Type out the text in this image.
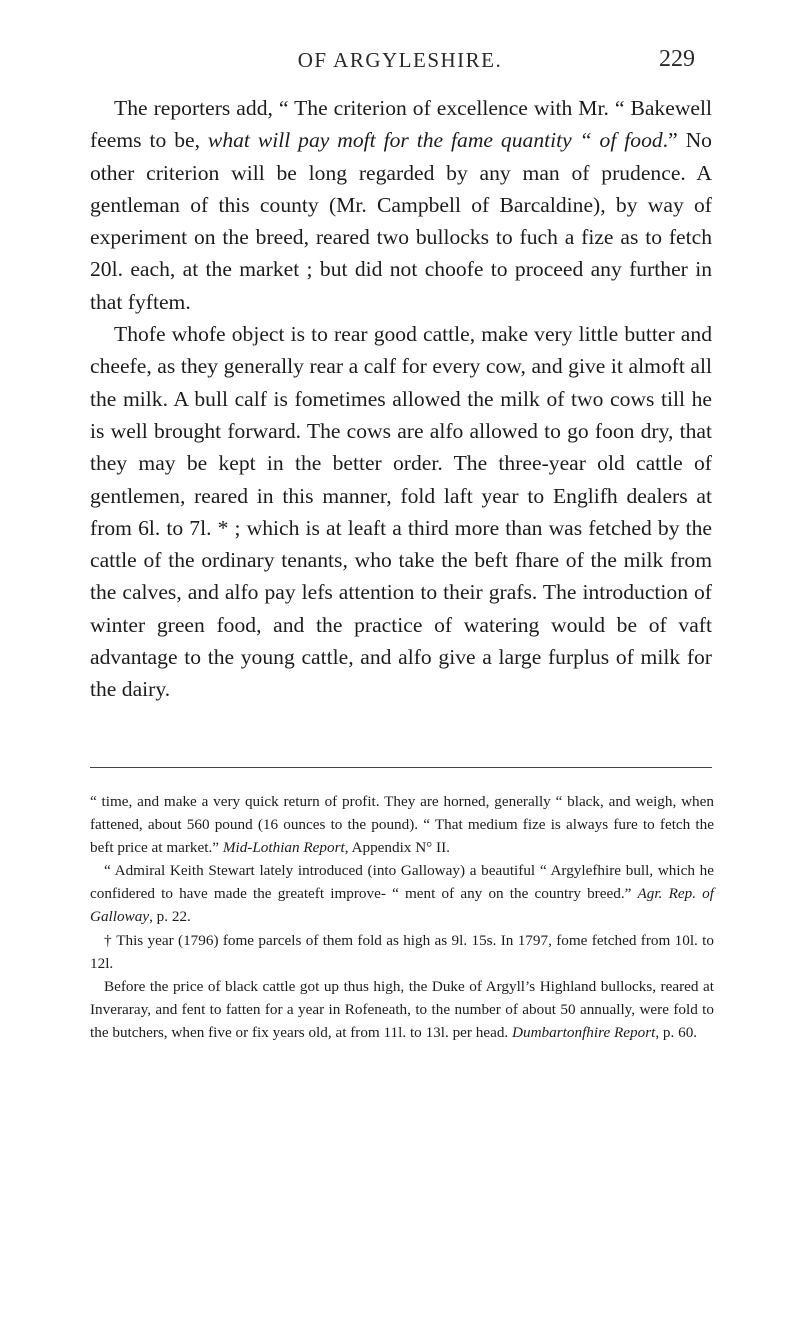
OF ARGYLESHIRE.	229

The reporters add, “ The criterion of excellence with Mr. “ Bakewell feems to be, what will pay moft for the fame quantity “ of food.” No other criterion will be long regarded by any man of prudence. A gentleman of this county (Mr. Campbell of Barcaldine), by way of experiment on the breed, reared two bullocks to fuch a fize as to fetch 20l. each, at the market ; but did not choofe to proceed any further in that fyftem.

Thofe whofe object is to rear good cattle, make very little butter and cheefe, as they generally rear a calf for every cow, and give it almoft all the milk. A bull calf is fometimes allowed the milk of two cows till he is well brought forward. The cows are alfo allowed to go foon dry, that they may be kept in the better order. The three-year old cattle of gentlemen, reared in this manner, fold laft year to Englifh dealers at from 6l. to 7l. * ; which is at leaft a third more than was fetched by the cattle of the ordinary tenants, who take the beft fhare of the milk from the calves, and alfo pay lefs attention to their grafs. The introduction of winter green food, and the practice of watering would be of vaft advantage to the young cattle, and alfo give a large furplus of milk for the dairy.

“ time, and make a very quick return of profit. They are horned, generally “ black, and weigh, when fattened, about 560 pound (16 ounces to the pound). “ That medium fize is always fure to fetch the beft price at market.” Mid-Lothian Report, Appendix N° II.

“ Admiral Keith Stewart lately introduced (into Galloway) a beautiful “ Argylefhire bull, which he confidered to have made the greateft improve- “ ment of any on the country breed.” Agr. Rep. of Galloway, p. 22.

† This year (1796) fome parcels of them fold as high as 9l. 15s. In 1797, fome fetched from 10l. to 12l.

Before the price of black cattle got up thus high, the Duke of Argyll’s Highland bullocks, reared at Inveraray, and fent to fatten for a year in Rofeneath, to the number of about 50 annually, were fold to the butchers, when five or fix years old, at from 11l. to 13l. per head. Dumbartonfhire Report, p. 60.
